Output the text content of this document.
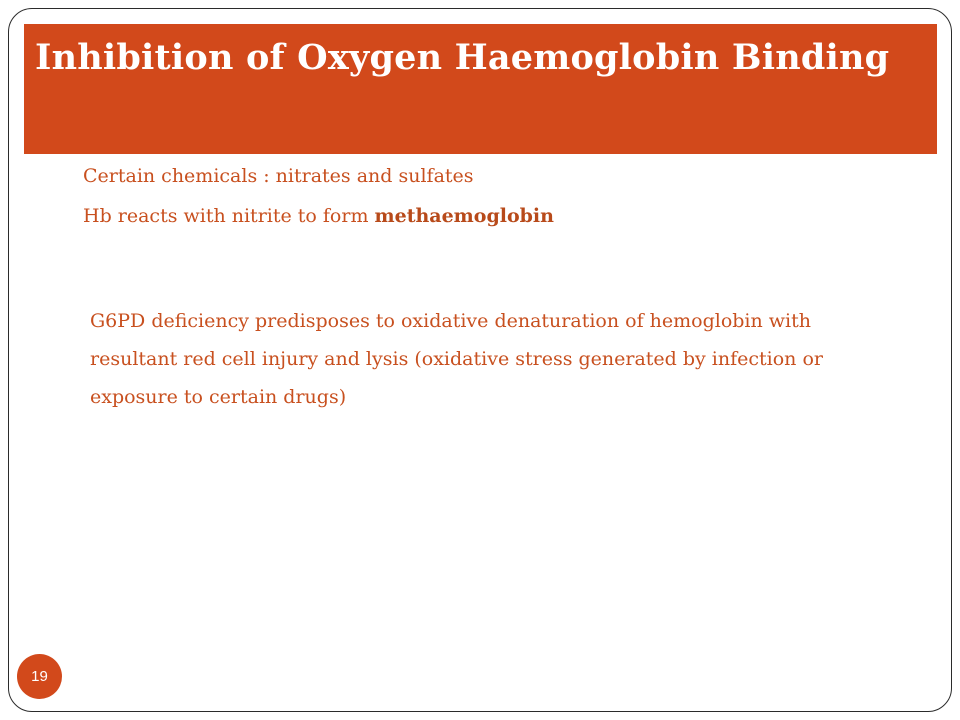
Inhibition of Oxygen Haemoglobin Binding
Certain chemicals : nitrates and sulfates
Hb reacts with nitrite to form methaemoglobin
G6PD deficiency predisposes to oxidative denaturation of hemoglobin with resultant red cell injury and lysis (oxidative stress generated by infection or exposure to certain drugs)
19
